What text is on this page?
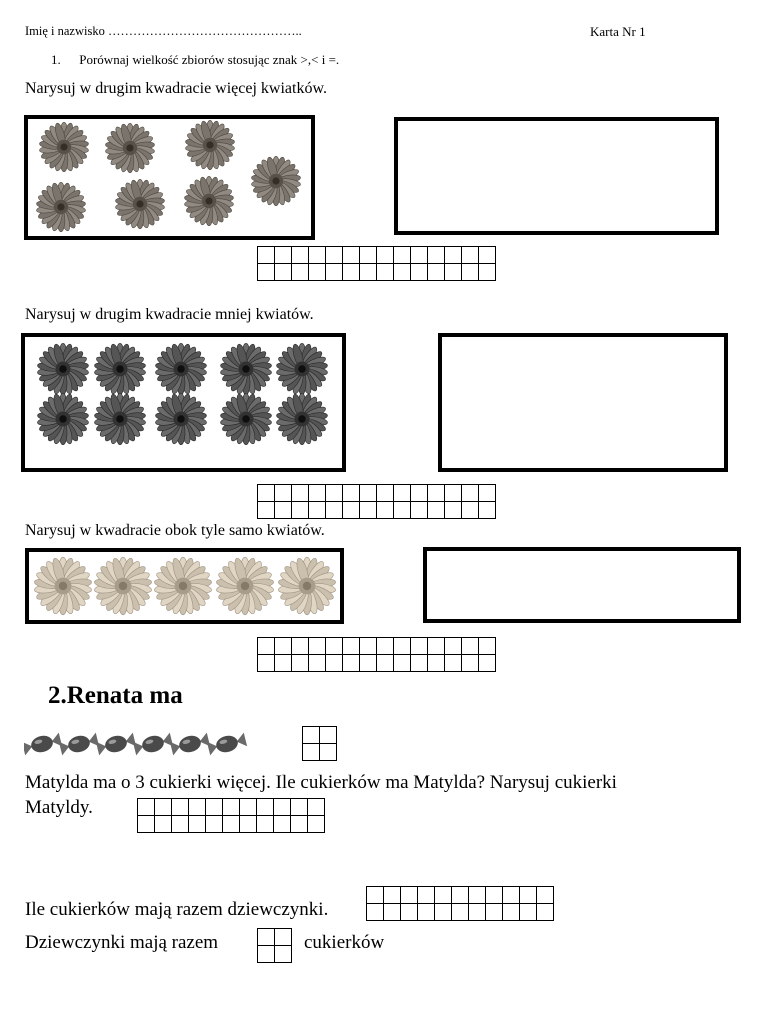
Imię i nazwisko ………………………………………..	Karta Nr 1
1. Porównaj wielkość zbiorów stosując znak >,< i =.
Narysuj w drugim kwadracie więcej kwiatków.

Narysuj w drugim kwadracie mniej kwiatów.

Narysuj w kwadracie obok tyle samo kwiatów.

2.Renata ma

Matylda ma o 3 cukierki więcej. Ile cukierków ma Matylda? Narysuj cukierki
Matyldy.

Ile cukierków mają razem dziewczynki.

Dziewczynki mają razem

		cukierków
